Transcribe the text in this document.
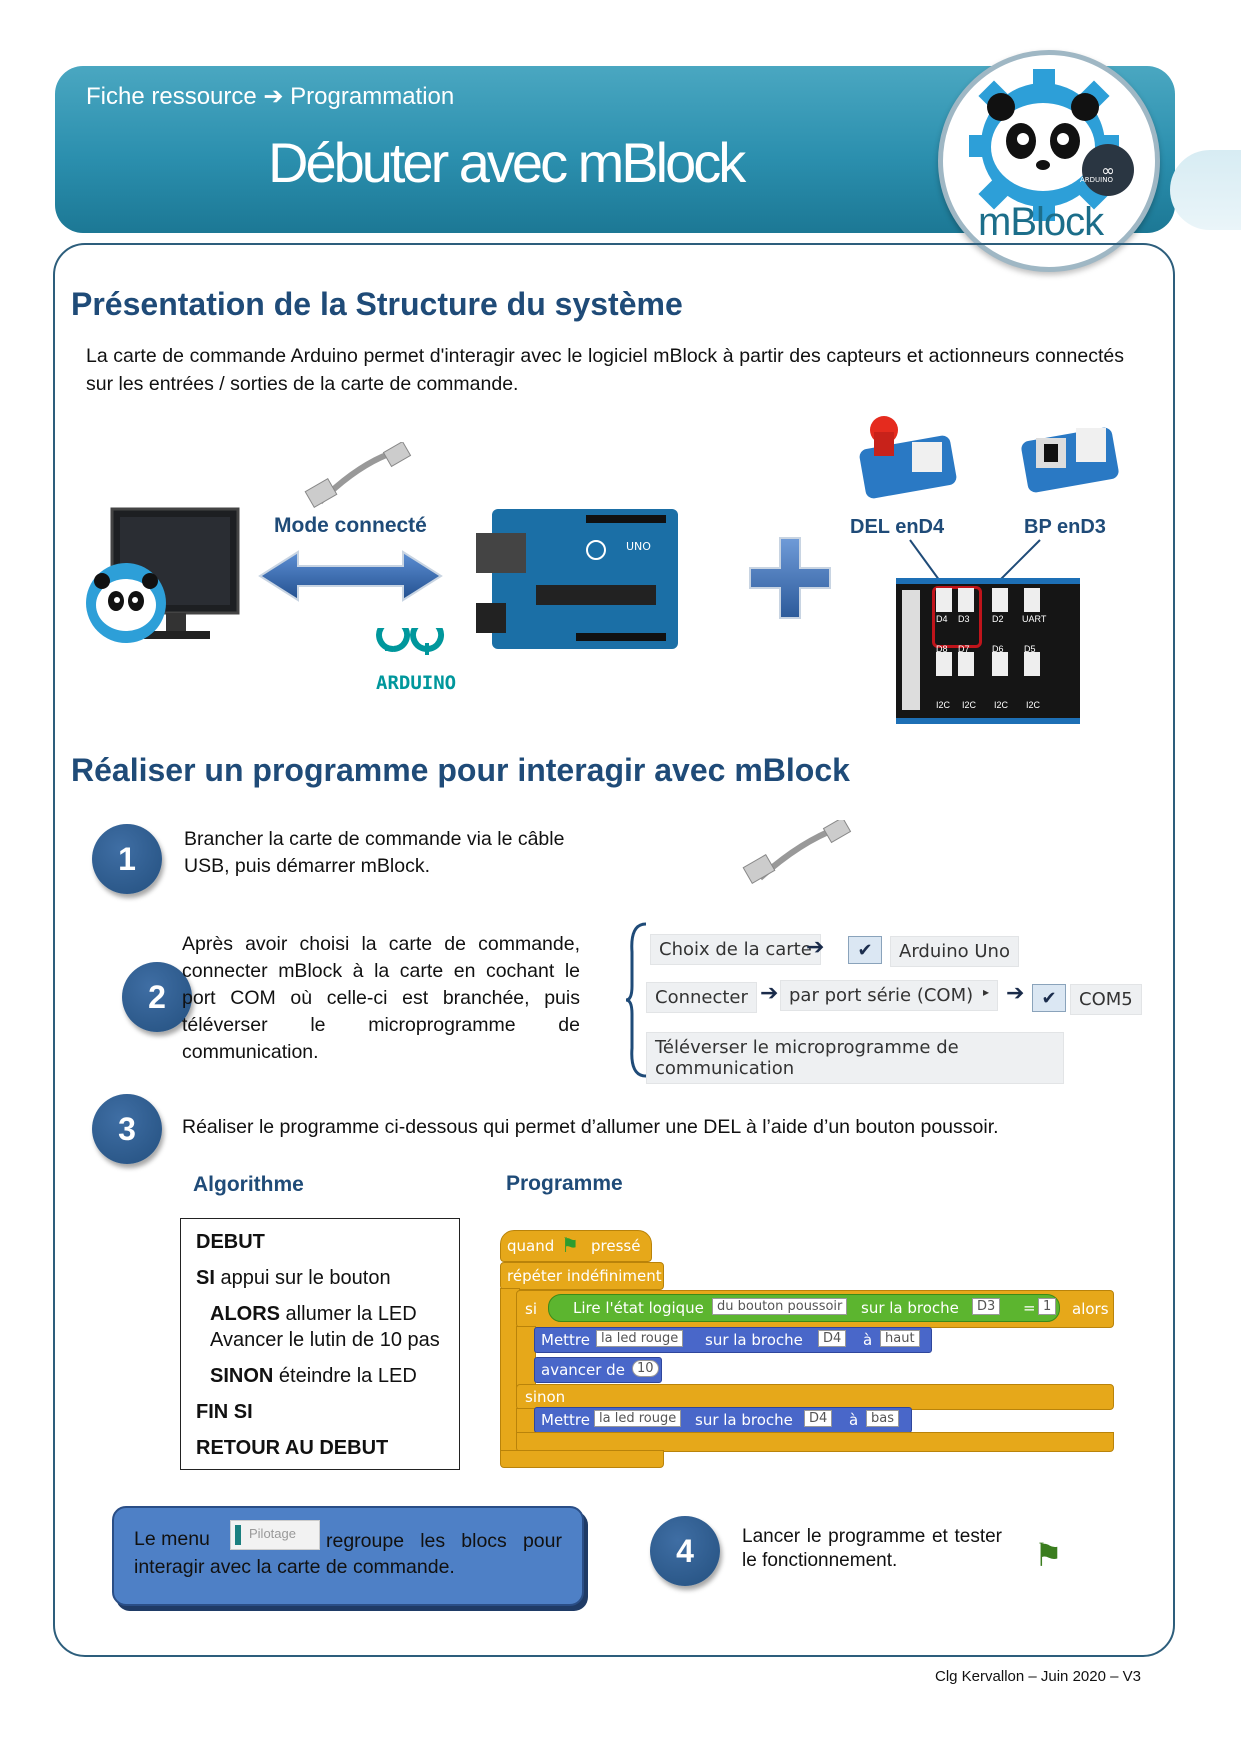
Fiche ressource ➔ Programmation
Débuter avec mBlock	∞
ARDUINO
mBlock
Présentation de la Structure du système
La carte de commande Arduino permet d'interagir avec le logiciel mBlock à partir des capteurs et actionneurs connectés sur les entrées / sorties de la carte de commande.
Mode connecté
ARDUINO
UNO
DEL enD4	BP enD3
D4 D3 D2 UART
D8 D7 D6 D5
I2C I2C I2C I2C
Réaliser un programme pour interagir avec mBlock
1
Brancher la carte de commande via le câble USB, puis démarrer mBlock.
2
Après avoir choisi la carte de commande, connecter mBlock à la carte en cochant le port COM où celle-ci est branchée, puis téléverser le microprogramme de communication.
Choix de la carte
➔	✔	Arduino Uno
Connecter ➔ par port série (COM) ▸ ➔ ✔	COM5
Téléverser le microprogramme de communication
3	Réaliser le programme ci-dessous qui permet d’allumer une DEL à l’aide d’un bouton poussoir.
Algorithme	Programme
DEBUT
SI appui sur le bouton
ALORS allumer la LED
Avancer le lutin de 10 pas
SINON éteindre la LED
FIN SI
RETOUR AU DEBUT
quand ⚑ pressé
répéter indéfiniment
si	alors
Lire l'état logique	du bouton poussoir	sur la broche	D3	= 1
Mettre la led rouge	sur la broche	D4	à haut
avancer de 10
sinon
Mettre la led rouge	sur la broche	D4	à bas
Pilotage
Le menu	regroupe les blocs pour interagir avec la carte de commande.	4	Lancer le programme et tester le fonctionnement.	⚑
Clg Kervallon – Juin 2020 – V3
